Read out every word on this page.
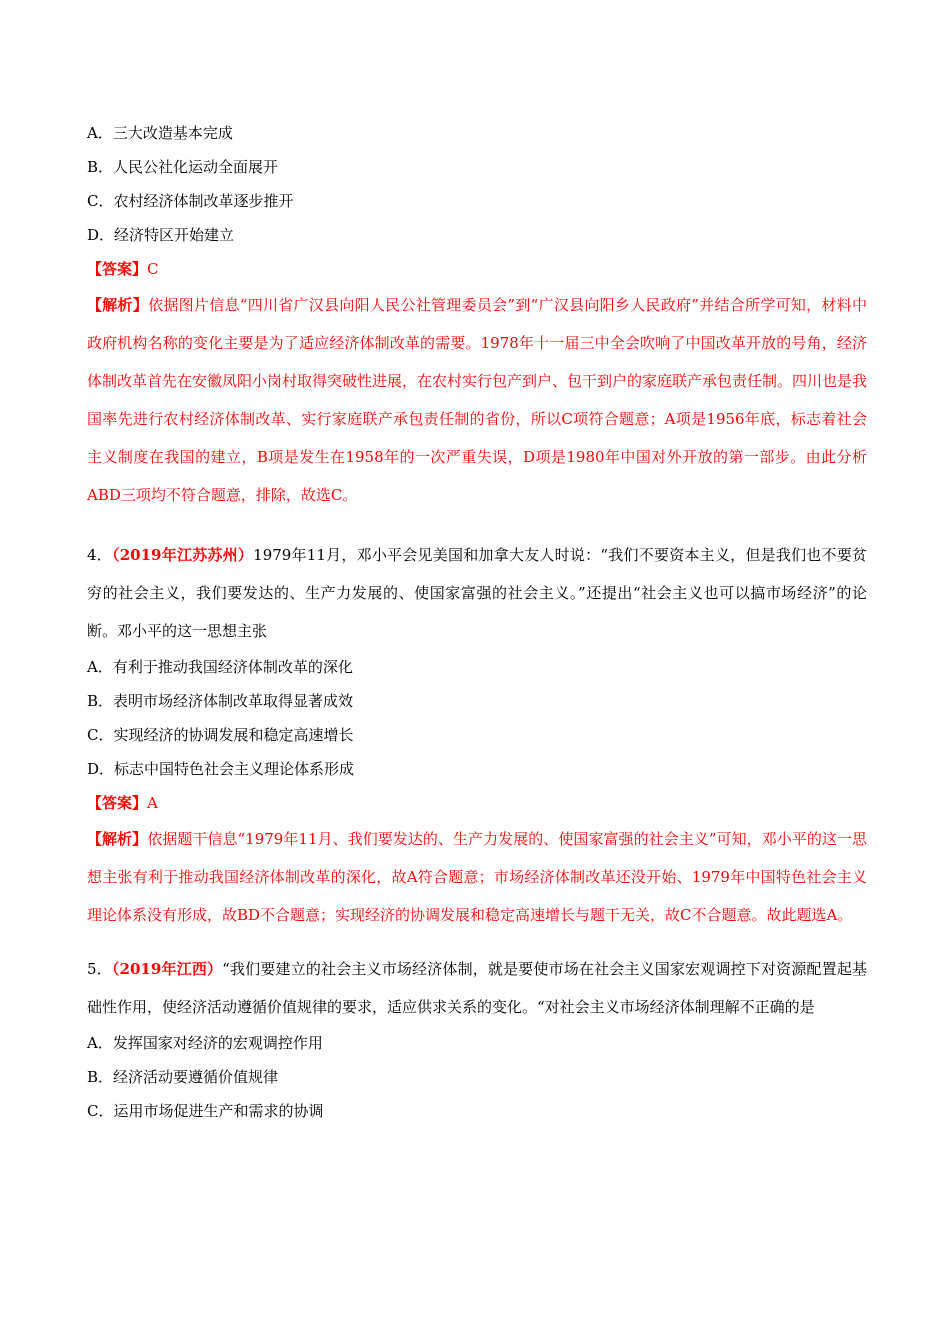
A．三大改造基本完成
B．人民公社化运动全面展开
C．农村经济体制改革逐步推开
D．经济特区开始建立
【答案】C
【解析】依据图片信息“四川省广汉县向阳人民公社管理委员会”到“广汉县向阳乡人民政府”并结合所学可知，材料中政府机构名称的变化主要是为了适应经济体制改革的需要。1978年十一届三中全会吹响了中国改革开放的号角，经济体制改革首先在安徽凤阳小岗村取得突破性进展，在农村实行包产到户、包干到户的家庭联产承包责任制。四川也是我国率先进行农村经济体制改革、实行家庭联产承包责任制的省份，所以C项符合题意；A项是1956年底，标志着社会主义制度在我国的建立，B项是发生在1958年的一次严重失误，D项是1980年中国对外开放的第一部步。由此分析ABD三项均不符合题意，排除，故选C。
4．（2019年江苏苏州）1979年11月，邓小平会见美国和加拿大友人时说：“我们不要资本主义，但是我们也不要贫穷的社会主义，我们要发达的、生产力发展的、使国家富强的社会主义。”还提出“社会主义也可以搞市场经济”的论断。邓小平的这一思想主张
A．有利于推动我国经济体制改革的深化
B．表明市场经济体制改革取得显著成效
C．实现经济的协调发展和稳定高速增长
D．标志中国特色社会主义理论体系形成
【答案】A
【解析】依据题干信息“1979年11月、我们要发达的、生产力发展的、使国家富强的社会主义”可知，邓小平的这一思想主张有利于推动我国经济体制改革的深化，故A符合题意；市场经济体制改革还没开始、1979年中国特色社会主义理论体系没有形成，故BD不合题意；实现经济的协调发展和稳定高速增长与题干无关，故C不合题意。故此题选A。
5．（2019年江西）“我们要建立的社会主义市场经济体制，就是要使市场在社会主义国家宏观调控下对资源配置起基础性作用，使经济活动遵循价值规律的要求，适应供求关系的变化。“对社会主义市场经济体制理解不正确的是
A．发挥国家对经济的宏观调控作用
B．经济活动要遵循价值规律
C．运用市场促进生产和需求的协调
